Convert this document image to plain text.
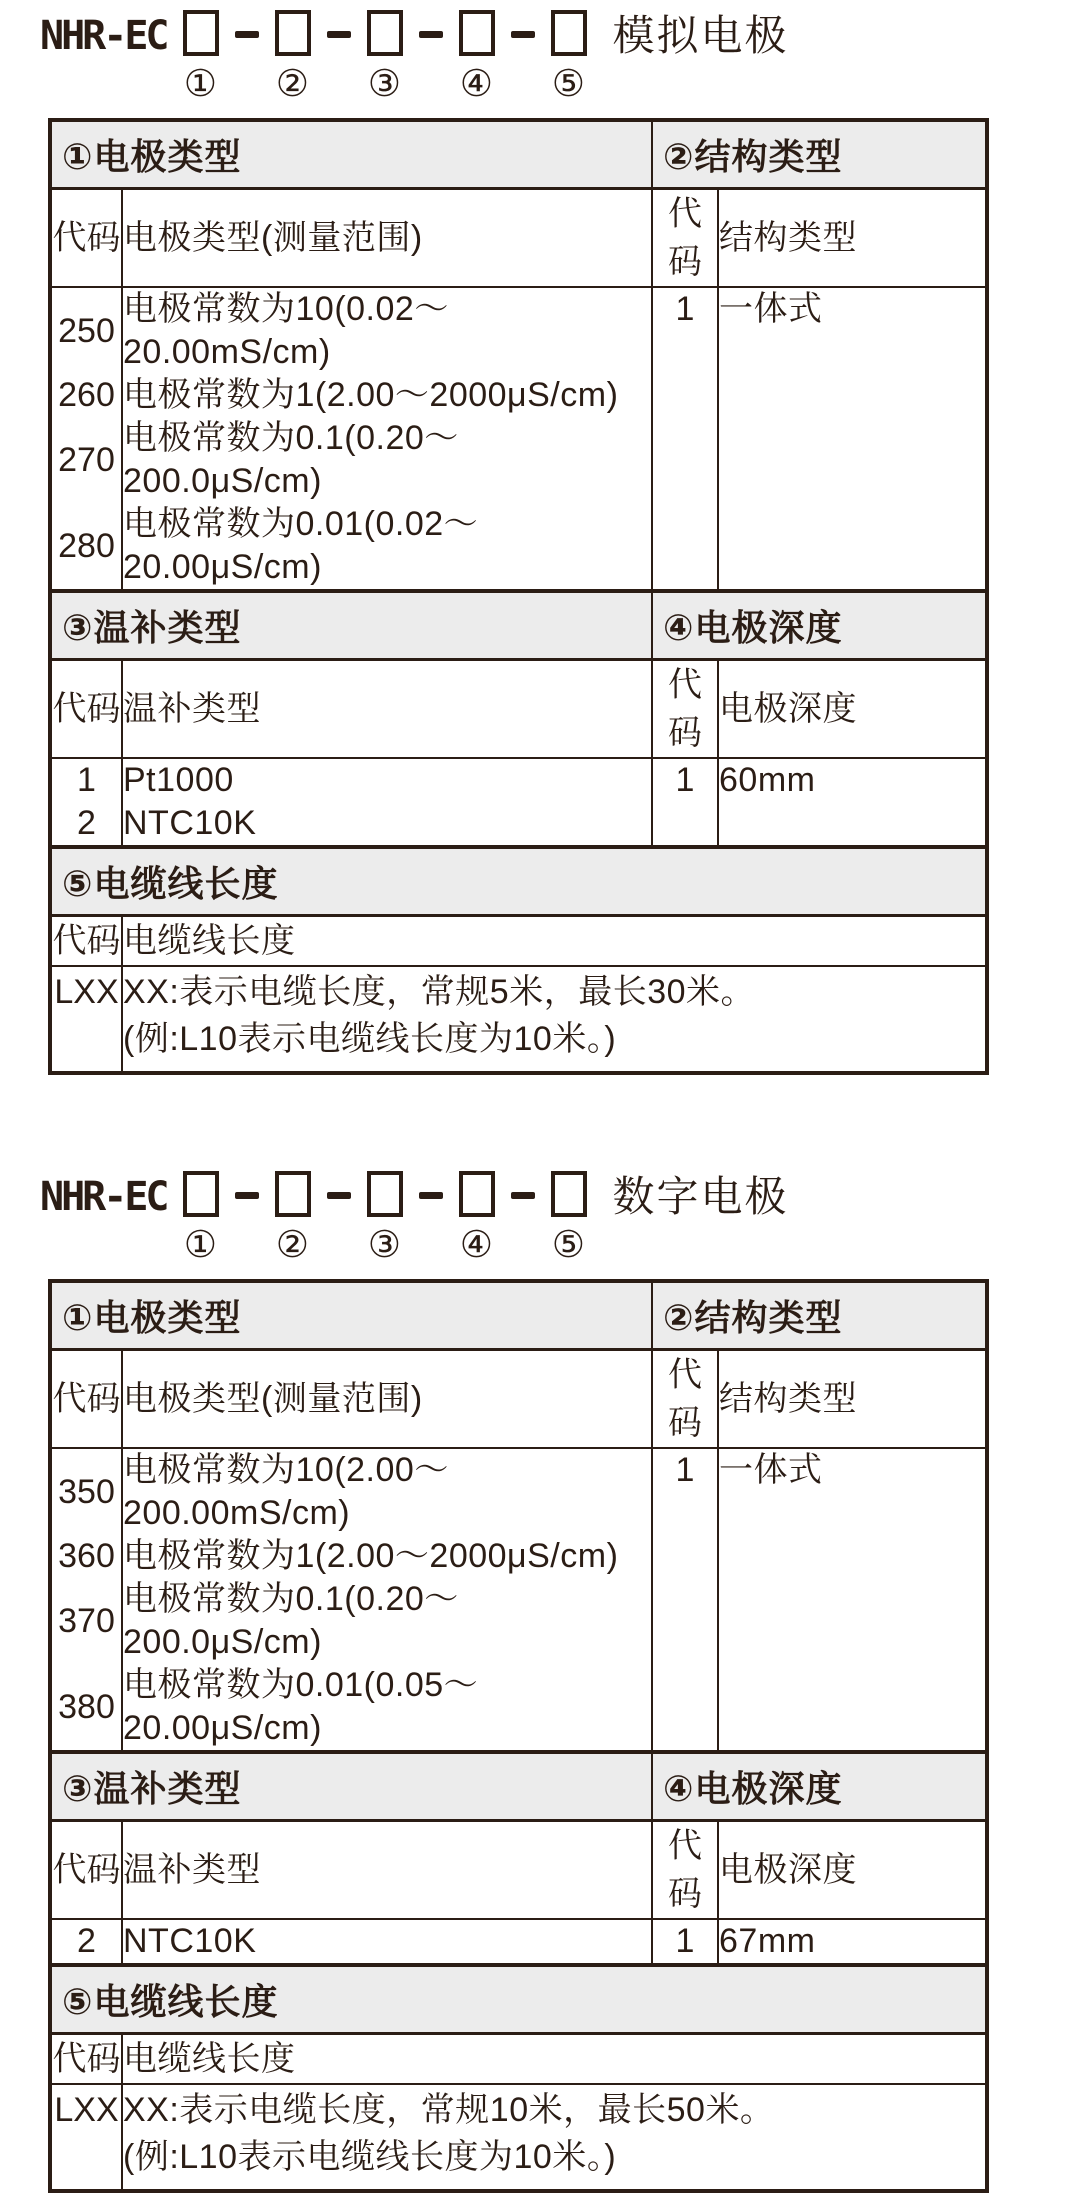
NHR-EC
① ② ③ ④ ⑤
模拟电极
①电极类型		②结构类型	
代码	电极类型(测量范围)	代码	结构类型
250	电极常数为10(0.02～20.00mS/cm)	1	一体式
260	电极常数为1(2.00～2000μS/cm)		
270	电极常数为0.1(0.20～200.0μS/cm)		
280	电极常数为0.01(0.02～20.00μS/cm)		
③温补类型		④电极深度	
代码	温补类型	代码	电极深度
1	Pt1000	1	60mm
2	NTC10K		
⑤电缆线长度			
代码	电缆线长度		
LXX	XX:表示电缆长度，常规5米，最长30米。
(例:L10表示电缆线长度为10米。)		
NHR-EC
① ② ③ ④ ⑤
数字电极
①电极类型		②结构类型	
代码	电极类型(测量范围)	代码	结构类型
350	电极常数为10(2.00～200.00mS/cm)	1	一体式
360	电极常数为1(2.00～2000μS/cm)		
370	电极常数为0.1(0.20～200.0μS/cm)		
380	电极常数为0.01(0.05～20.00μS/cm)		
③温补类型		④电极深度	
代码	温补类型	代码	电极深度
2	NTC10K	1	67mm
⑤电缆线长度			
代码	电缆线长度		
LXX	XX:表示电缆长度，常规10米，最长50米。
(例:L10表示电缆线长度为10米。)		
